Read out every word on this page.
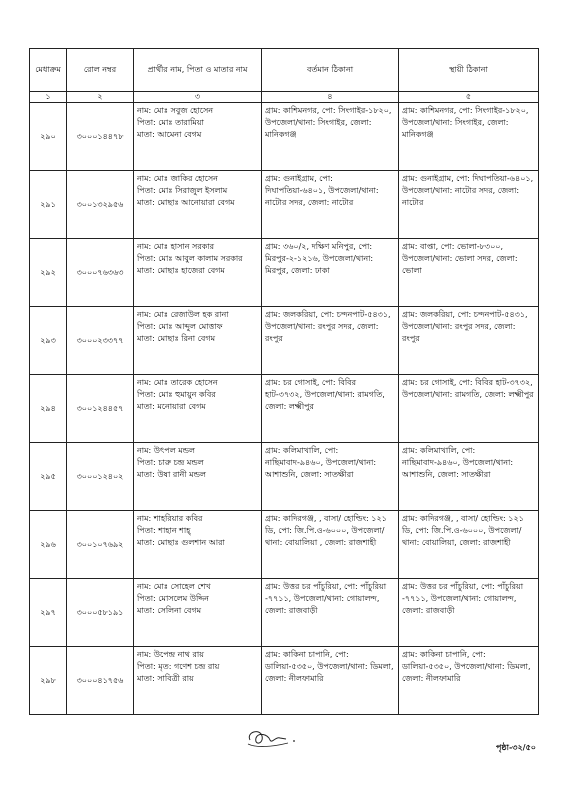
মেধাক্রম	রোল নম্বর	প্রার্থীর নাম, পিতা ও মাতার নাম	বর্তমান ঠিকানা	স্থায়ী ঠিকানা
১	২	৩	৪	৫
২৯০	৩০০০১৪৪৭৮	নাম: মোঃ সবুজ হোসেন
পিতা: মোঃ তারামিয়া
মাতা: আমেনা বেগম	গ্রাম: কাশিমনগর, পো: সিংগাইর-১৮২০, উপজেলা/থানা: সিংগাইর, জেলা: মানিকগঞ্জ	গ্রাম: কাশিমনগর, পো: সিংগাইর-১৮২০, উপজেলা/থানা: সিংগাইর, জেলা: মানিকগঞ্জ
২৯১	৩০০১৩২৯৫৬	নাম: মোঃ জাকির হোসেন
পিতা: মোঃ সিরাজুল ইসলাম
মাতা: মোছাঃ আনোয়ারা বেগম	গ্রাম: গুনাইগ্রাম, পো: দিঘাপতিয়া-৬৪০১, উপজেলা/থানা: নাটোর সদর, জেলা: নাটোর	গ্রাম: গুনাইগ্রাম, পো: দিঘাপতিয়া-৬৪০১, উপজেলা/থানা: নাটোর সদর, জেলা: নাটোর
২৯২	৩০০০৭৬৩৬৩	নাম: মোঃ হাসান সরকার
পিতা: মোঃ আবুল কালাম সরকার
মাতা: মোছাঃ হাজেরা বেগম	গ্রাম: ৩৬০/২, দক্ষিণ মনিপুর, পো: মিরপুর-২-১২১৬, উপজেলা/থানা: মিরপুর, জেলা: ঢাকা	গ্রাম: বাপ্তা, পো: ভোলা-৮৩০০, উপজেলা/থানা: ভোলা সদর, জেলা: ভোলা
২৯৩	৩০০০২৩৩৭৭	নাম: মোঃ রেজাউল হক রানা
পিতা: মোঃ আব্দুল মোত্তাফ
মাতা: মোছাঃ রিনা বেগম	গ্রাম: জলকরিয়া, পো: চন্দনপাট-৫৪৩১, উপজেলা/থানা: রংপুর সদর, জেলা: রংপুর	গ্রাম: জলকরিয়া, পো: চন্দনপাট-৫৪৩১, উপজেলা/থানা: রংপুর সদর, জেলা: রংপুর
২৯৪	৩০০১২৪৪৫৭	নাম: মোঃ তারেক হোসেন
পিতা: মোঃ হুমায়ুন কবির
মাতা: মনোয়ারা বেগম	গ্রাম: চর গোসাই, পো: বিবির হাট-৩৭৩২, উপজেলা/থানা: রামগতি, জেলা: লক্ষ্মীপুর	গ্রাম: চর গোসাই, পো: বিবির হাট-৩৭৩২, উপজেলা/থানা: রামগতি, জেলা: লক্ষ্মীপুর
২৯৫	৩০০০১২৪০২	নাম: উৎপল মন্ডল
পিতা: চারু চন্দ্র মন্ডল
মাতা: উষা রানী মন্ডল	গ্রাম: কলিমাখালি, পো: নাছিমাবাদ-৯৪৬০, উপজেলা/থানা: আশাশুনি, জেলা: সাতক্ষীরা	গ্রাম: কলিমাখালি, পো: নাছিমাবাদ-৯৪৬০, উপজেলা/থানা: আশাশুনি, জেলা: সাতক্ষীরা
২৯৬	৩০০১০৭৬৯২	নাম: শাহরিয়ার কবির
পিতা: শাহান শাহ্‌
মাতা: মোছাঃ গুলশান আরা	গ্রাম: কাদিরগঞ্জ, , বাসা/ হোল্ডিং: ১২১ ডি, পো: জি.পি.ও-৬০০০, উপজেলা/থানা: বোয়ালিয়া , জেলা: রাজশাহী	গ্রাম: কাদিরগঞ্জ, , বাসা/ হোল্ডিং: ১২১ ডি, পো: জি.পি.ও-৬০০০, উপজেলা/থানা: বোয়ালিয়া, জেলা: রাজশাহী
২৯৭	৩০০০৫৮১৯১	নাম: মোঃ সোহেল শেখ
পিতা: মোসলেম উদ্দিন
মাতা: সেলিনা বেগম	গ্রাম: উত্তর চর পাঁচুরিয়া, পো: পাঁচুরিয়া -৭৭১১, উপজেলা/থানা: গোয়ালন্দ, জেলা: রাজবাড়ী	গ্রাম: উত্তর চর পাঁচুরিয়া, পো: পাঁচুরিয়া -৭৭১১, উপজেলা/থানা: গোয়ালন্দ, জেলা: রাজবাড়ী
২৯৮	৩০০০৪১৭৫৬	নাম: উপেন্দ্র নাথ রায়
পিতা: মৃত: গণেশ চন্দ্র রায়
মাতা: সাবিত্রী রায়	গ্রাম: কাকিনা চাপানি, পো: ডালিয়া-৫৩৫০, উপজেলা/থানা: ডিমলা, জেলা: নীলফামারি	গ্রাম: কাকিনা চাপানি, পো: ডালিয়া-৫৩৫০, উপজেলা/থানা: ডিমলা, জেলা: নীলফামারি
পৃষ্ঠা-৩২/৫০
